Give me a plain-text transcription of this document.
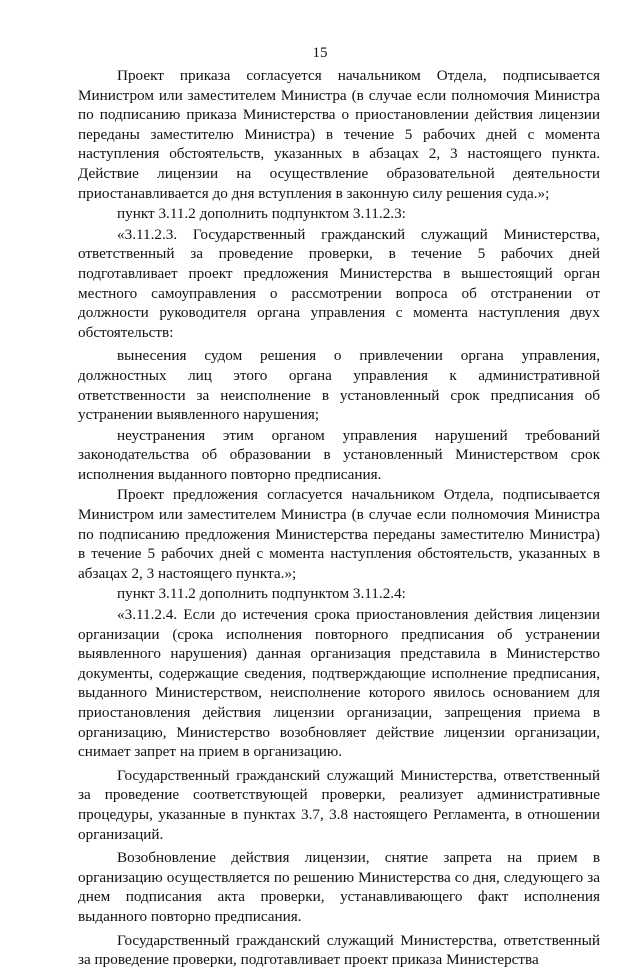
15

Проект приказа согласуется начальником Отдела, подписывается Министром или заместителем Министра (в случае если полномочия Министра по подписанию приказа Министерства о приостановлении действия лицензии переданы заместителю Министра) в течение 5 рабочих дней с момента наступления обстоятельств, указанных в абзацах 2, 3 настоящего пункта. Действие лицензии на осуществление образовательной деятельности приостанавливается до дня вступления в законную силу решения суда.»;

пункт 3.11.2 дополнить подпунктом 3.11.2.3:

«3.11.2.3. Государственный гражданский служащий Министерства, ответственный за проведение проверки, в течение 5 рабочих дней подготавливает проект предложения Министерства в вышестоящий орган местного самоуправления о рассмотрении вопроса об отстранении от должности руководителя органа управления с момента наступления двух обстоятельств:

вынесения судом решения о привлечении органа управления, должностных лиц этого органа управления к административной ответственности за неисполнение в установленный срок предписания об устранении выявленного нарушения;

неустранения этим органом управления нарушений требований законодательства об образовании в установленный Министерством срок исполнения выданного повторно предписания.

Проект предложения согласуется начальником Отдела, подписывается Министром или заместителем Министра (в случае если полномочия Министра по подписанию предложения Министерства переданы заместителю Министра) в течение 5 рабочих дней с момента наступления обстоятельств, указанных в абзацах 2, 3 настоящего пункта.»;

пункт 3.11.2 дополнить подпунктом 3.11.2.4:

«3.11.2.4. Если до истечения срока приостановления действия лицензии организации (срока исполнения повторного предписания об устранении выявленного нарушения) данная организация представила в Министерство документы, содержащие сведения, подтверждающие исполнение предписания, выданного Министерством, неисполнение которого явилось основанием для приостановления действия лицензии организации, запрещения приема в организацию, Министерство возобновляет действие лицензии организации, снимает запрет на прием в организацию.

Государственный гражданский служащий Министерства, ответственный за проведение соответствующей проверки, реализует административные процедуры, указанные в пунктах 3.7, 3.8 настоящего Регламента, в отношении организаций.

Возобновление действия лицензии, снятие запрета на прием в организацию осуществляется по решению Министерства со дня, следующего за днем подписания акта проверки, устанавливающего факт исполнения выданного повторно предписания.

Государственный гражданский служащий Министерства, ответственный за проведение проверки, подготавливает проект приказа Министерства
